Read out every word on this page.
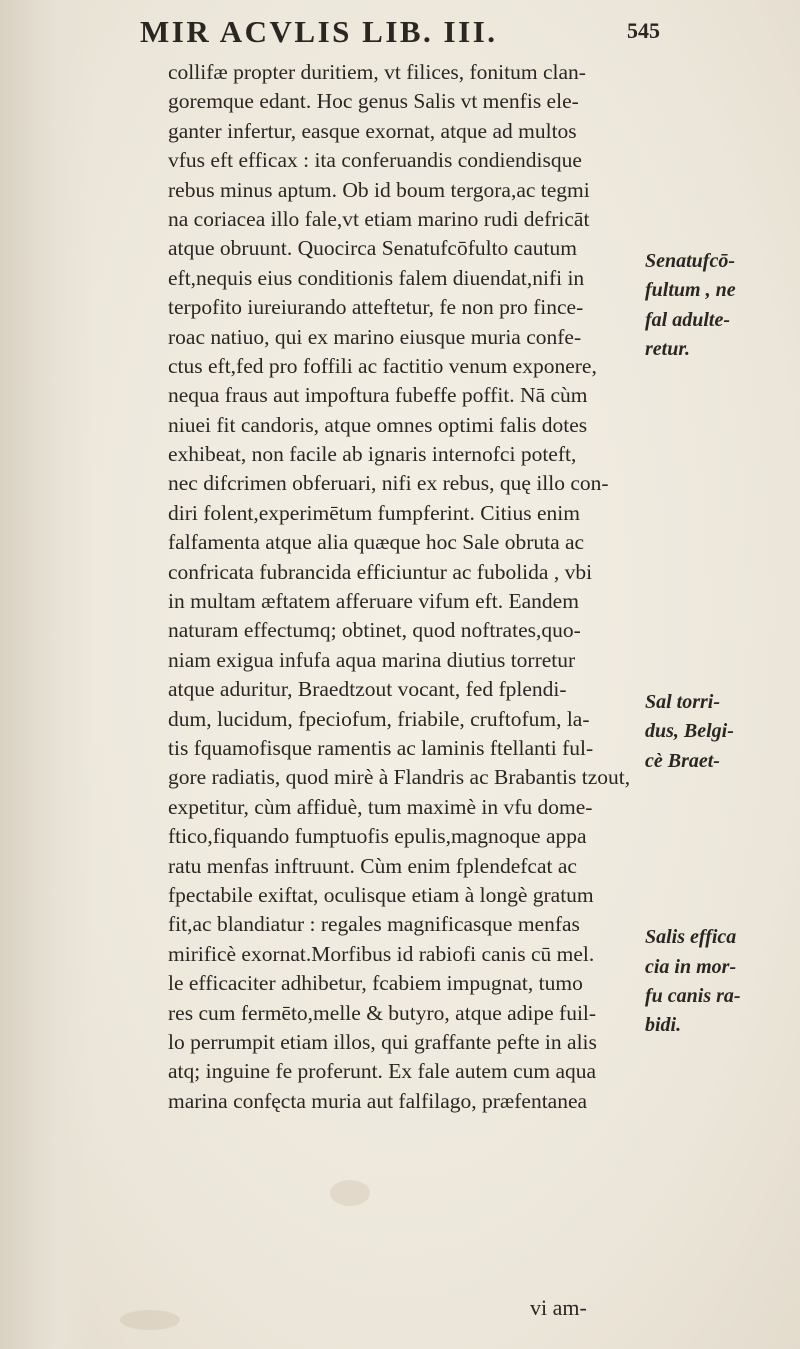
MIR ACVLIS LIB. III.	545
collifæ propter duritiem, vt filices, fonitum clan-
goremque edant. Hoc genus Salis vt menfis ele-
ganter infertur, easque exornat, atque ad multos
vfus eft efficax : ita conferuandis condiendisque
rebus minus aptum. Ob id boum tergora,ac tegmi
na coriacea illo fale,vt etiam marino rudi defricāt
atque obruunt. Quocirca Senatufcōfulto cautum
eft,nequis eius conditionis falem diuendat,nifi in
terpofito iureiurando atteftetur, fe non pro fince-
roac natiuo, qui ex marino eiusque muria confe-
ctus eft,fed pro foffili ac factitio venum exponere,
nequa fraus aut impoftura fubeffe poffit. Nā cùm
niuei fit candoris, atque omnes optimi falis dotes
exhibeat, non facile ab ignaris internofci poteft,
nec difcrimen obferuari, nifi ex rebus, quę illo con-
diri folent,experimētum fumpferint. Citius enim
falfamenta atque alia quæque hoc Sale obruta ac
confricata fubrancida efficiuntur ac fubolida , vbi
in multam æftatem afferuare vifum eft. Eandem
naturam effectumq; obtinet, quod noftrates,quo-
niam exigua infufa aqua marina diutius torretur
atque aduritur, Braedtzout vocant, fed fplendi-
dum, lucidum, fpeciofum, friabile, cruftofum, la-
tis fquamofisque ramentis ac laminis ftellanti ful-
gore radiatis, quod mirè à Flandris ac Brabantis tzout,
expetitur, cùm affiduè, tum maximè in vfu dome-
ftico,fiquando fumptuofis epulis,magnoque appa
ratu menfas inftruunt. Cùm enim fplendefcat ac
fpectabile exiftat, oculisque etiam à longè gratum
fit,ac blandiatur : regales magnificasque menfas
mirificè exornat.Morfibus id rabiofi canis cū mel.
le efficaciter adhibetur, fcabiem impugnat, tumo
res cum fermēto,melle & butyro, atque adipe fuil-
lo perrumpit etiam illos, qui graffante pefte in alis
atq; inguine fe proferunt. Ex fale autem cum aqua
marina confęcta muria aut falfilago, præfentanea
Senatufcō-
fultum , ne
fal adulte-
retur.
Sal torri-
dus, Belgi-
cè Braet-
Salis effica
cia in mor-
fu canis ra-
bidi.
vi am-
